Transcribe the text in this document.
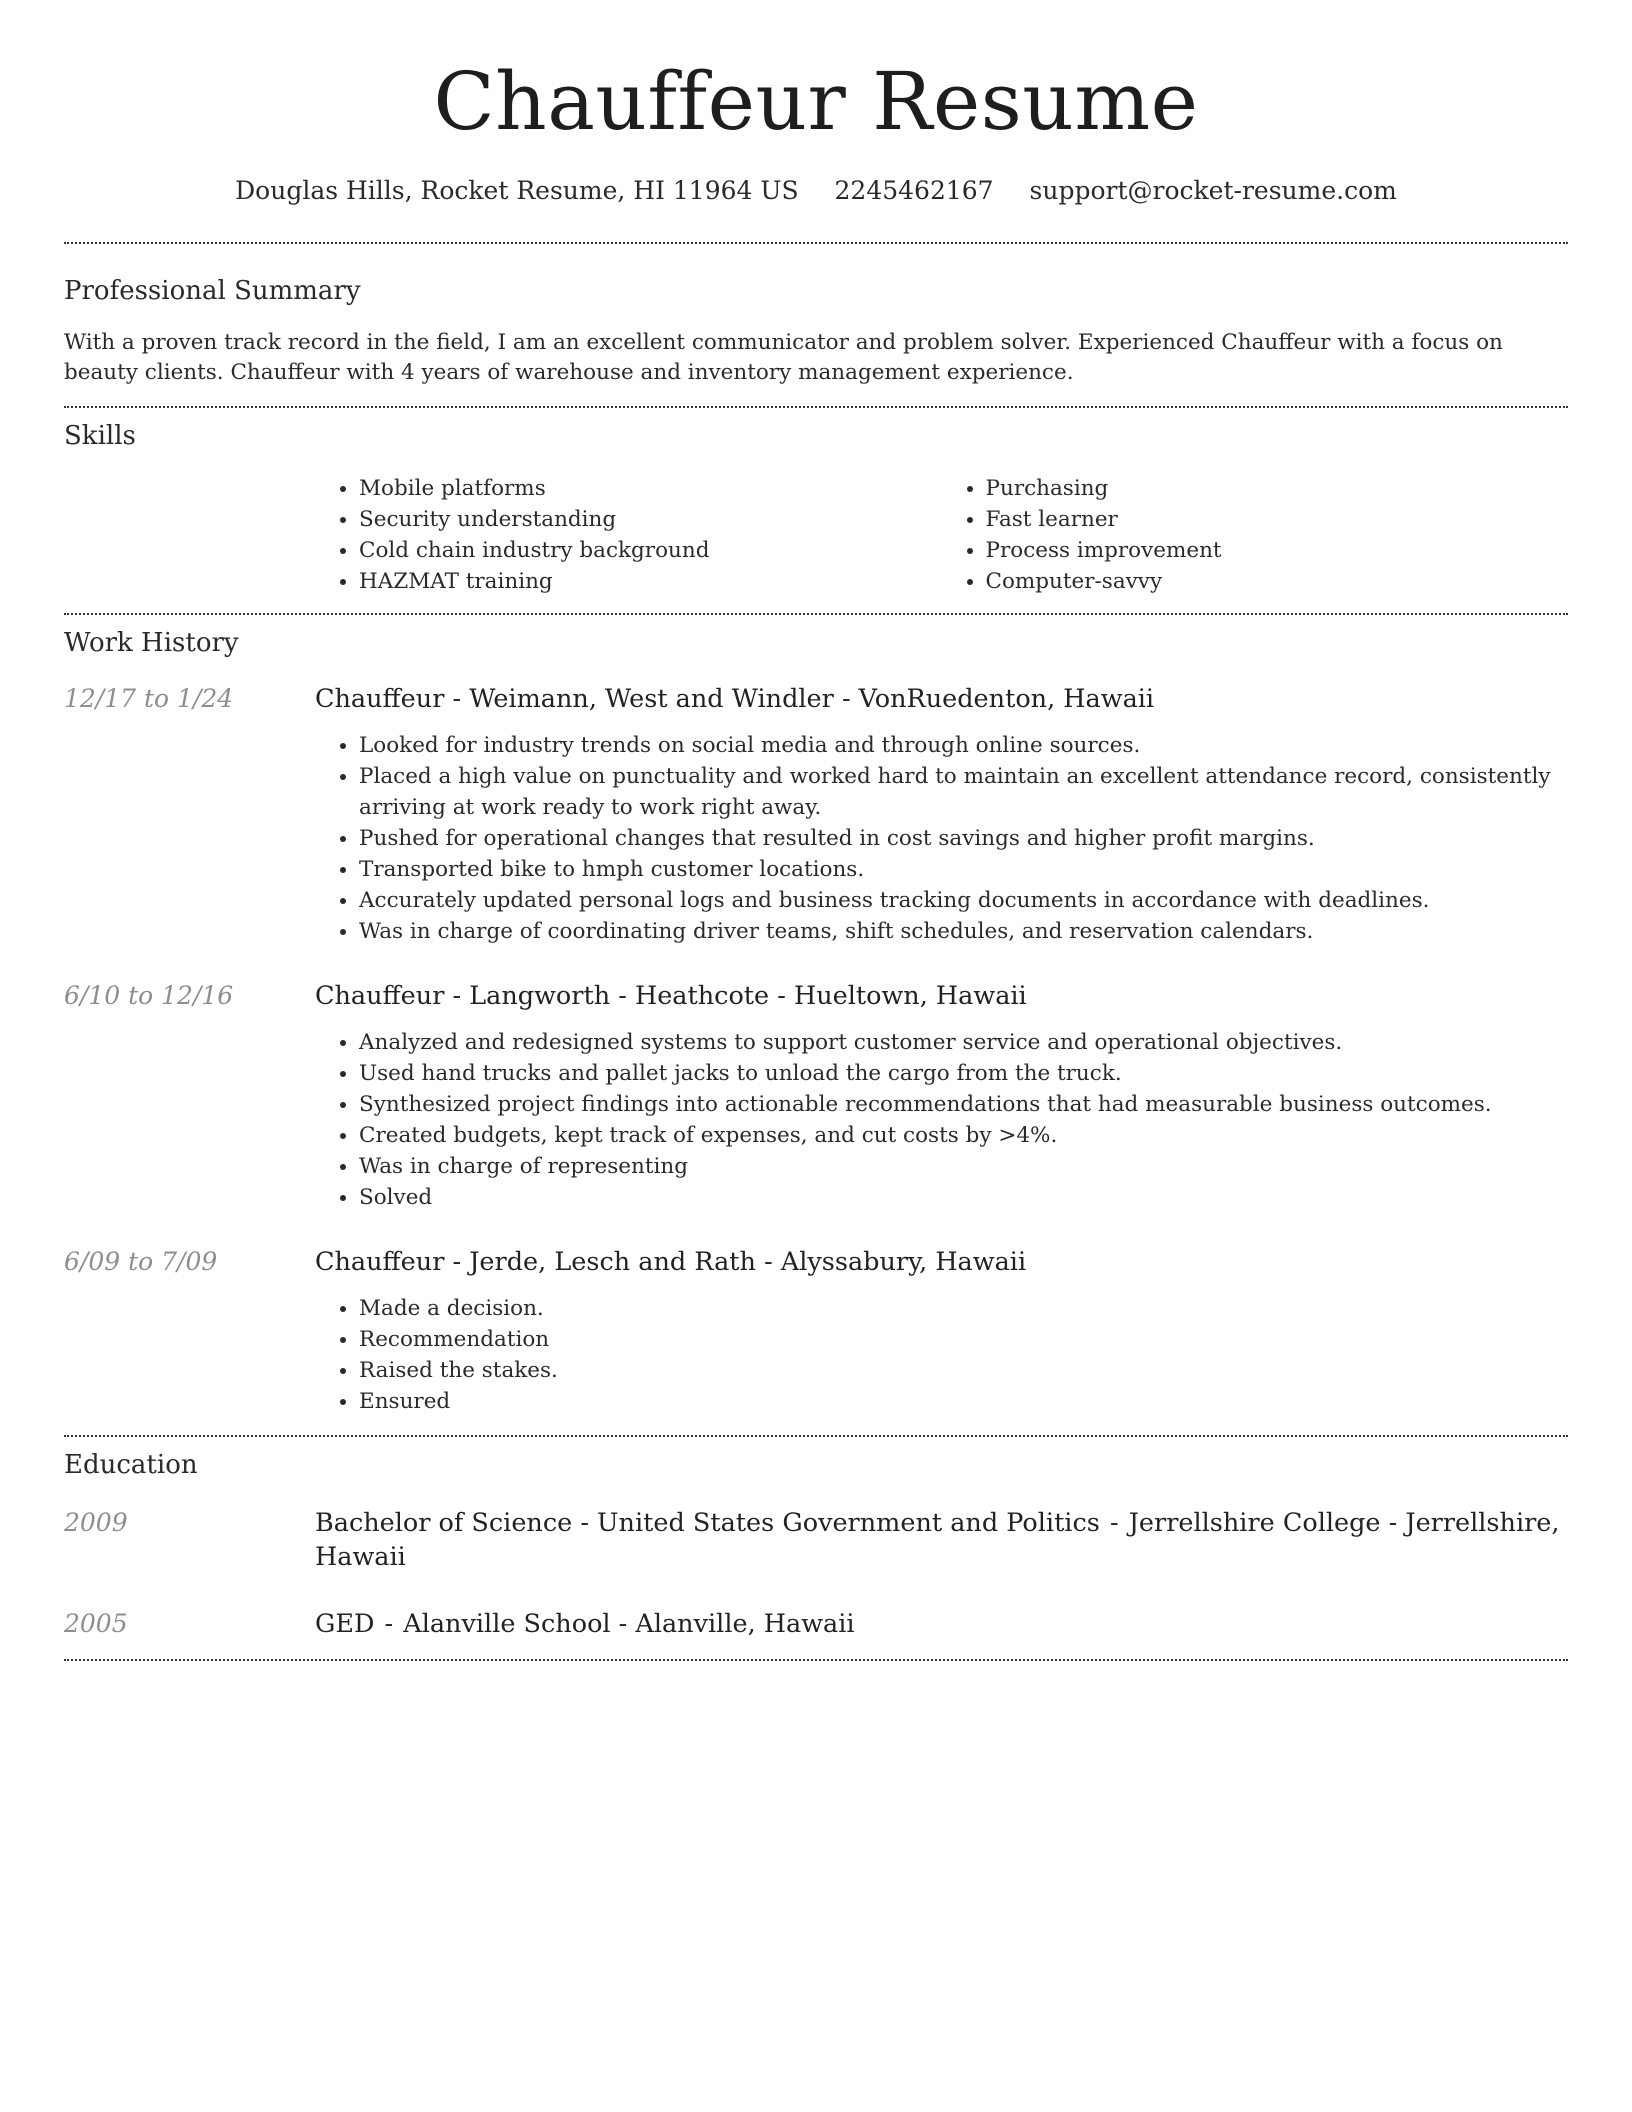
Chauffeur Resume
Douglas Hills, Rocket Resume, HI 11964 US 2245462167 support@rocket-resume.com
Professional Summary

With a proven track record in the field, I am an excellent communicator and problem solver. Experienced Chauffeur with a focus on beauty clients. Chauffeur with 4 years of warehouse and inventory management experience.

Skills
• Mobile platforms
• Security understanding
• Cold chain industry background
• HAZMAT training
• Purchasing
• Fast learner
• Process improvement
• Computer-savvy
Work History
12/17 to 1/24	Chauffeur - Weimann, West and Windler - VonRuedenton, Hawaii
• Looked for industry trends on social media and through online sources.
• Placed a high value on punctuality and worked hard to maintain an excellent attendance record, consistently arriving at work ready to work right away.
• Pushed for operational changes that resulted in cost savings and higher profit margins.
• Transported bike to hmph customer locations.
• Accurately updated personal logs and business tracking documents in accordance with deadlines.
• Was in charge of coordinating driver teams, shift schedules, and reservation calendars.
6/10 to 12/16	Chauffeur - Langworth - Heathcote - Hueltown, Hawaii
• Analyzed and redesigned systems to support customer service and operational objectives.
• Used hand trucks and pallet jacks to unload the cargo from the truck.
• Synthesized project findings into actionable recommendations that had measurable business outcomes.
• Created budgets, kept track of expenses, and cut costs by >4%.
• Was in charge of representing
• Solved
6/09 to 7/09	Chauffeur - Jerde, Lesch and Rath - Alyssabury, Hawaii
• Made a decision.
• Recommendation
• Raised the stakes.
• Ensured
Education
2009	Bachelor of Science - United States Government and Politics - Jerrellshire College - Jerrellshire, Hawaii
2005	GED - Alanville School - Alanville, Hawaii
